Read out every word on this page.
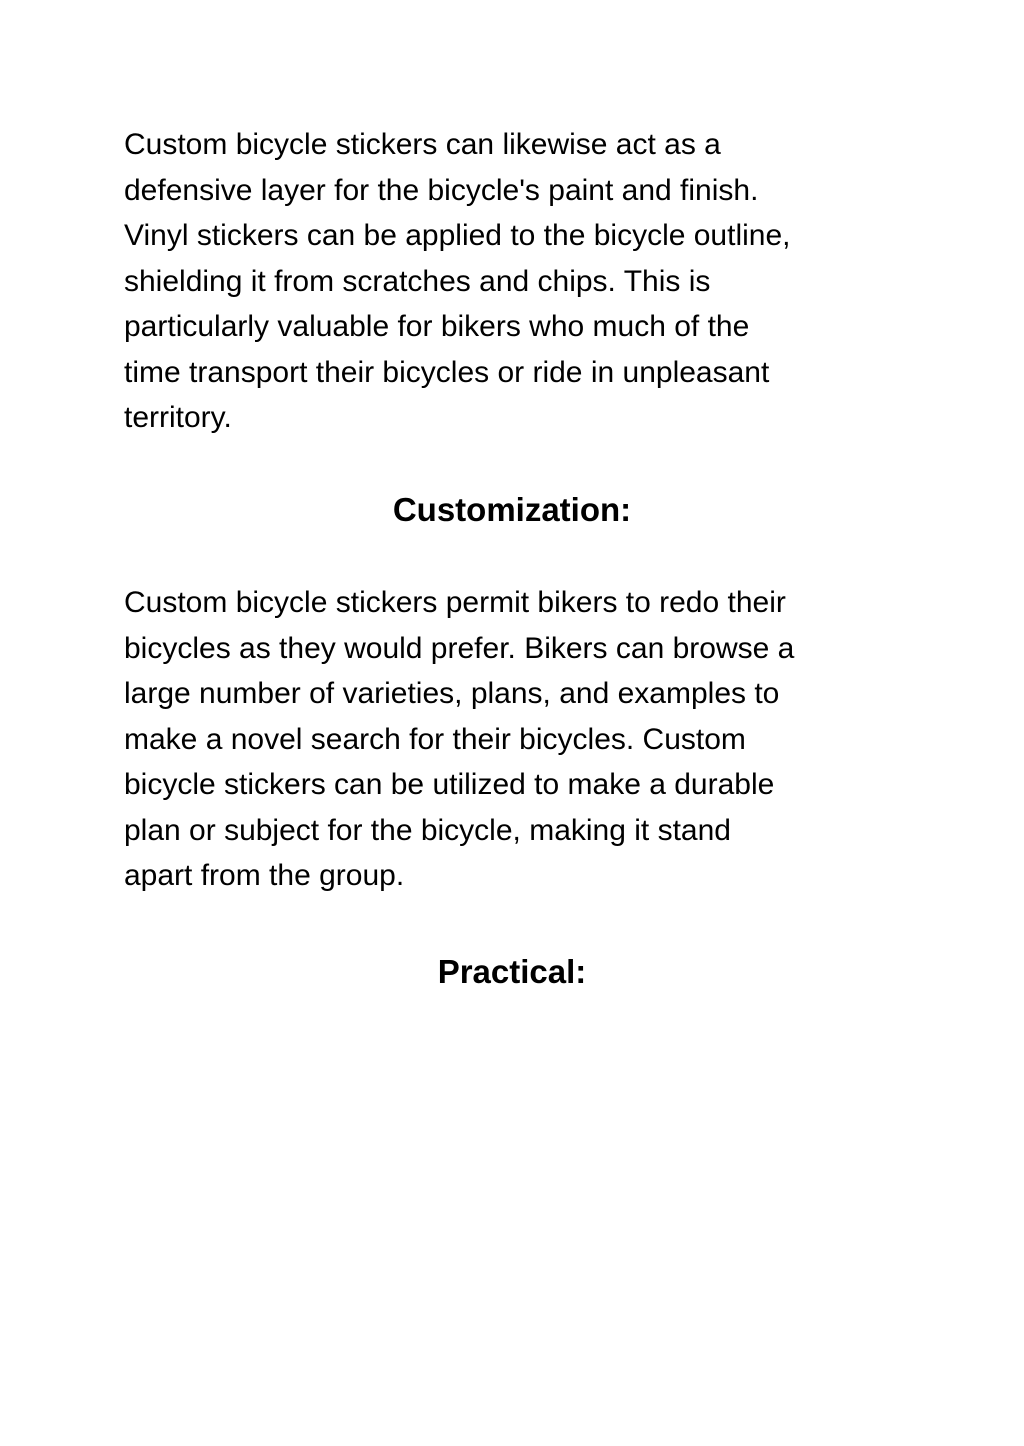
Custom bicycle stickers can likewise act as a
defensive layer for the bicycle's paint and finish.
Vinyl stickers can be applied to the bicycle outline,
shielding it from scratches and chips. This is
particularly valuable for bikers who much of the
time transport their bicycles or ride in unpleasant
territory.

Customization:

Custom bicycle stickers permit bikers to redo their
bicycles as they would prefer. Bikers can browse a
large number of varieties, plans, and examples to
make a novel search for their bicycles. Custom
bicycle stickers can be utilized to make a durable
plan or subject for the bicycle, making it stand
apart from the group.

Practical:
